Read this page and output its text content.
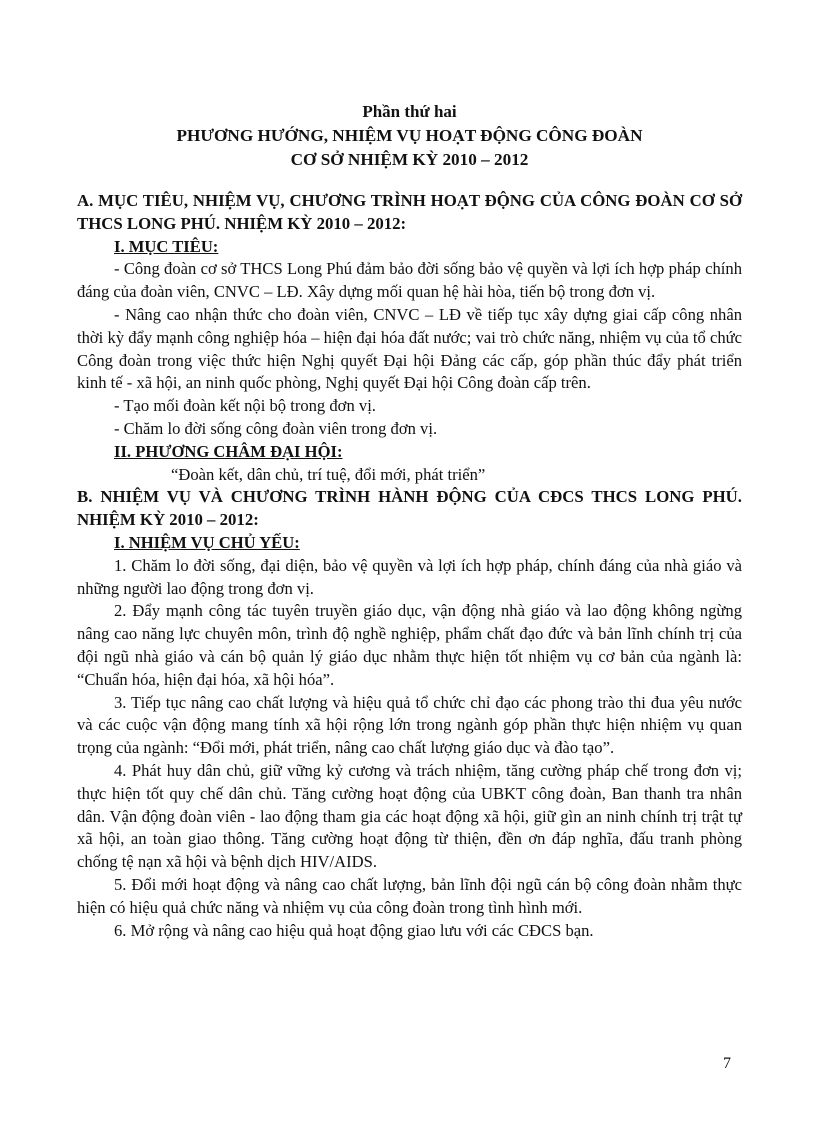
Phần thứ hai
PHƯƠNG HƯỚNG, NHIỆM VỤ HOẠT ĐỘNG CÔNG ĐOÀN
CƠ SỞ NHIỆM KỲ 2010 – 2012
A. MỤC TIÊU, NHIỆM VỤ, CHƯƠNG TRÌNH HOẠT ĐỘNG CỦA CÔNG ĐOÀN CƠ SỞ THCS LONG PHÚ. NHIỆM KỲ 2010 – 2012:
I. MỤC TIÊU:

- Công đoàn cơ sở THCS Long Phú đảm bảo đời sống bảo vệ quyền và lợi ích hợp pháp chính đáng của đoàn viên, CNVC – LĐ. Xây dựng mối quan hệ hài hòa, tiến bộ trong đơn vị.

- Nâng cao nhận thức cho đoàn viên, CNVC – LĐ về tiếp tục xây dựng giai cấp công nhân thời kỳ đẩy mạnh công nghiệp hóa – hiện đại hóa đất nước; vai trò chức năng, nhiệm vụ của tổ chức Công đoàn trong việc thức hiện Nghị quyết Đại hội Đảng các cấp, góp phần thúc đẩy phát triển kinh tế - xã hội, an ninh quốc phòng, Nghị quyết Đại hội Công đoàn cấp trên.

- Tạo mối đoàn kết nội bộ trong đơn vị.

- Chăm lo đời sống công đoàn viên trong đơn vị.

II. PHƯƠNG CHÂM ĐẠI HỘI:

“Đoàn kết, dân chủ, trí tuệ, đổi mới, phát triển”

B. NHIỆM VỤ VÀ CHƯƠNG TRÌNH HÀNH ĐỘNG CỦA CĐCS THCS LONG PHÚ. NHIỆM KỲ 2010 – 2012:
I. NHIỆM VỤ CHỦ YẾU:

1. Chăm lo đời sống, đại diện, bảo vệ quyền và lợi ích hợp pháp, chính đáng của nhà giáo và những người lao động trong đơn vị.

2. Đẩy mạnh công tác tuyên truyền giáo dục, vận động nhà giáo và lao động không ngừng nâng cao năng lực chuyên môn, trình độ nghề nghiệp, phẩm chất đạo đức và bản lĩnh chính trị của đội ngũ nhà giáo và cán bộ quản lý giáo dục nhằm thực hiện tốt nhiệm vụ cơ bản của ngành là: “Chuẩn hóa, hiện đại hóa, xã hội hóa”.

3. Tiếp tục nâng cao chất lượng và hiệu quả tổ chức chỉ đạo các phong trào thi đua yêu nước và các cuộc vận động mang tính xã hội rộng lớn trong ngành góp phần thực hiện nhiệm vụ quan trọng của ngành: “Đổi mới, phát triển, nâng cao chất lượng giáo dục và đào tạo”.

4. Phát huy dân chủ, giữ vững kỷ cương và trách nhiệm, tăng cường pháp chế trong đơn vị; thực hiện tốt quy chế dân chủ. Tăng cường hoạt động của UBKT công đoàn, Ban thanh tra nhân dân. Vận động đoàn viên - lao động tham gia các hoạt động xã hội, giữ gìn an ninh chính trị trật tự xã hội, an toàn giao thông. Tăng cường hoạt động từ thiện, đền ơn đáp nghĩa, đấu tranh phòng chống tệ nạn xã hội và bệnh dịch HIV/AIDS.

5. Đổi mới hoạt động và nâng cao chất lượng, bản lĩnh đội ngũ cán bộ công đoàn nhằm thực hiện có hiệu quả chức năng và nhiệm vụ của công đoàn trong tình hình mới.

6. Mở rộng và nâng cao hiệu quả hoạt động giao lưu với các CĐCS bạn.

7
